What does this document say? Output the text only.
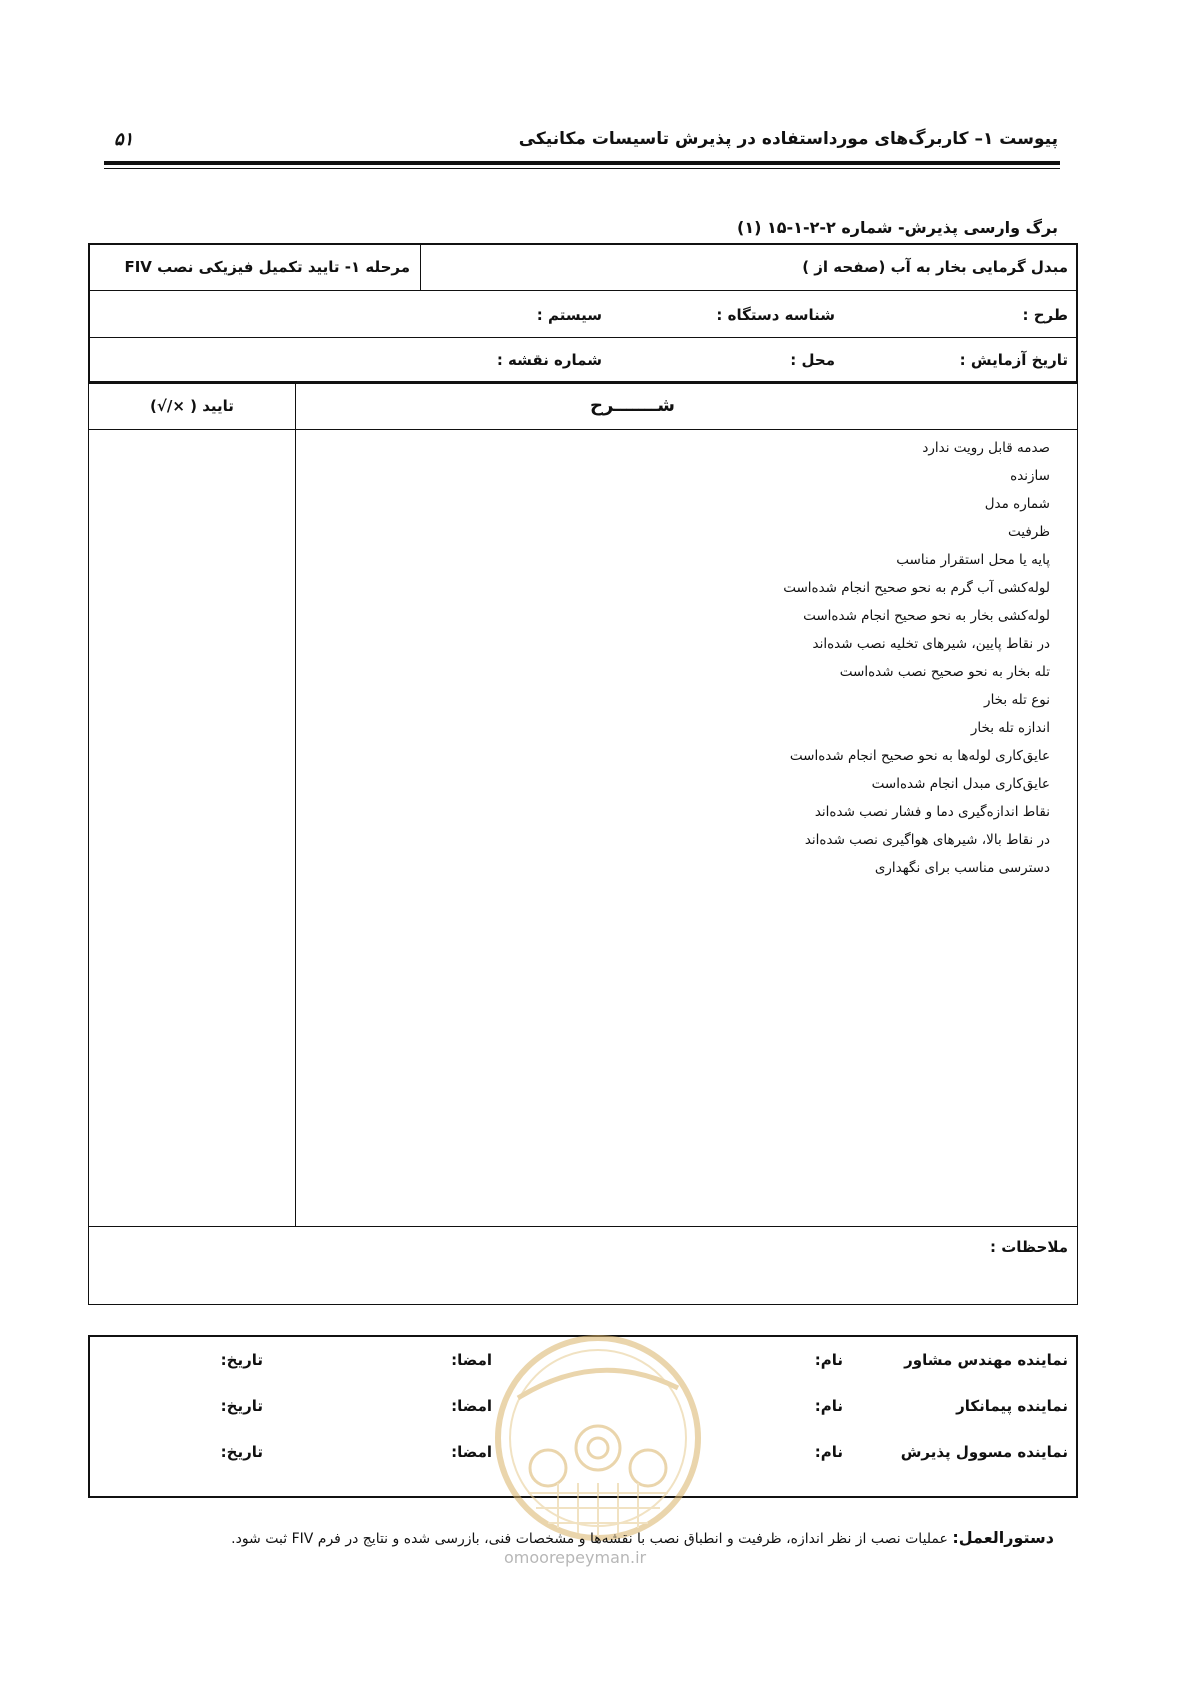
پیوست ۱– کاربرگ‌های مورداستفاده در پذیرش تاسیسات مکانیکی
۵۱
برگ وارسی پذیرش- شماره ۲-۲-۱-۱۵ (۱)
مبدل گرمایی بخار به آب (صفحه از )
مرحله ۱- تایید تکمیل فیزیکی نصب FIV
طرح :
شناسه دستگاه :
سیستم :
تاریخ آزمایش :
محل :
شماره نقشه :
شـــــــرح
تایید ( ×/√)
صدمه قابل رویت ندارد
سازنده
شماره مدل
ظرفیت
پایه یا محل استقرار مناسب
لوله‌کشی آب گرم به نحو صحیح انجام شده‌است
لوله‌کشی بخار به نحو صحیح انجام شده‌است
در نقاط پایین، شیرهای تخلیه نصب شده‌اند
تله بخار به نحو صحیح نصب شده‌است
نوع تله بخار
اندازه تله بخار
عایق‌کاری لوله‌ها به نحو صحیح انجام شده‌است
عایق‌کاری مبدل انجام شده‌است
نقاط اندازه‌گیری دما و فشار نصب شده‌اند
در نقاط بالا، شیرهای هواگیری نصب شده‌اند
دسترسی مناسب برای نگهداری
ملاحظات :
نماینده مهندس مشاور
نام:
امضا:
تاریخ:
نماینده پیمانکار
نام:
امضا:
تاریخ:
نماینده مسوول پذیرش
نام:
امضا:
تاریخ:
omoorepeyman.ir
دستورالعمل: عملیات نصب از نظر اندازه، ظرفیت و انطباق نصب با نقشه‌ها و مشخصات فنی، بازرسی شده و نتایج در فرم FIV ثبت شود.
